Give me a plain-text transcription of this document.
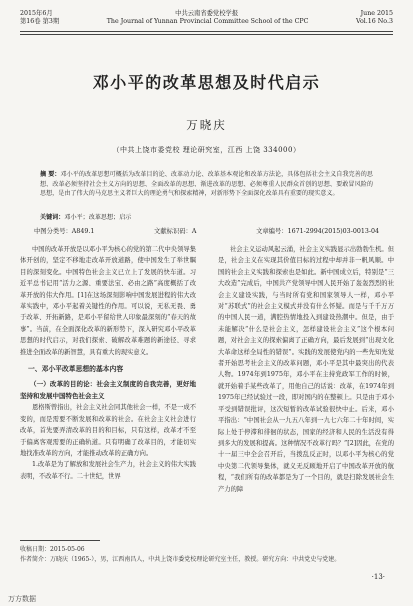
2015年6月	中共云南省委党校学报	June 2015
第16卷 第3期	The Journal of Yunnan Provincial Committee School of the CPC	Vol.16 No.3
邓小平的改革思想及时代启示
万晓庆
（中共上饶市委党校 理论研究室，江西 上饶 334000）
摘 要：邓小平的改革思想可概括为改革目的论、改革动力论、改革基本观论和改革方法论，具体包括社会主义自我完善的思想、改革必须坚持社会主义方向的思想、全面改革的思想、渐进改革的思想、必须尊重人民群众首创的思想、要敢冒风险的思想，是由了伟大的马克思主义者巨大的理论勇气和探索精神，对新形势下全面深化改革具有重要的现实意义。
关键词：邓小平；改革思想；启示
中图分类号：A849.1	文献标识码：A	文章编号：1671-2994(2015)03-0013-04

中国的改革开放是以邓小平为核心的党的第二代中央领导集体开创的，坚定不移地走改革开放道路，使中国发生了举世瞩目的深刻变化。中国特色社会主义已立上了发展的快车道。习近平总书记用“活力之源、重要法宝、必由之路”高度概括了改革开放的伟大作用。[1]在这场深刻影响中国发展进程的伟大改革实践中，邓小平起着关键性的作用。可以说，无私无畏、勇于改革、开拓新路，是邓小平留给世人印象最深刻的“春天的故事”。当前，在全面深化改革的新形势下，深入研究邓小平改革思想的时代启示，对我们探索、破解改革难题的新途径、寻求推进全面改革的新智慧，具有重大的现实意义。

一、邓小平改革思想的基本内容
（一）改革的目的论：社会主义制度的自我完善，更好地坚持和发展中国特色社会主义

恩格斯曾指出，社会主义社会同其他社会一样，不是一成不变的，而是需要不断发展和改革的社会。在社会主义社会进行改革，首先要弄清改革的目的和目标，只有这样，改革才不至于偏离客观需要的正确轨道。只有明确了改革目的，才能切实地找准改革的方向，才能推动改革的正确方向。

1.改革是为了解放和发展社会生产力，社会主义的伟大实践表明，不改革不行。二十世纪，世界

社会主义运动风起云涌，社会主义实践显示出勃勃生机。但是，社会主义在实现其价值目标的过程中却并非一帆风顺。中国的社会主义实践和探索也是如此。新中国成立后，特别是“三大改造”完成后，中国共产党领导中国人民开始了轰轰烈烈的社会主义建设实践，与当时所有党和国家领导人一样，邓小平对“苏联式”的社会主义模式并没有什么怀疑。而是与千千万万的中国人民一道，满腔热情地投入到建设热潮中。但是，由于未能解决“什么是社会主义，怎样建设社会主义”这个根本问题，对社会主义的探索偏离了正确方向，最后发展到“出现文化大革命这样全局性的错误”。实践的发展使党内的一些先知先觉者开始思考社会主义的改革问题，邓小平是其中最突出的代表人物。1974年到1975年，邓小平在主持党政军工作的时候，就开始着手某些改革了，用他自己的话说：改革，在1974年到1975年已经试验过一段，即对国内的在整顿上。只是由于邓小平受到错误批评，这次短暂的改革试验很快中止。后来，邓小平指出：“中国社会从一九五八年到一九七六年二十年时间，实际上处于停滞和徘徊的状态，国家的经济和人民的生活没有得到多大的发展和提高。这种情况不改革行吗？”[2]因此，在党的十一届三中全会召开后，当拨乱反正时，以邓小平为核心的党中央第二代领导集体，就义无反顾地开启了中国改革开放的航程，“我们所有的改革都是为了一个目的，就是扫除发展社会生产力的障

收稿日期：2015-05-06
作者简介：万晓庆（1965-），男，江西南昌人，中共上饶市委党校理论研究室主任，教授。研究方向：中共党史与党建。
·13·
万方数据
